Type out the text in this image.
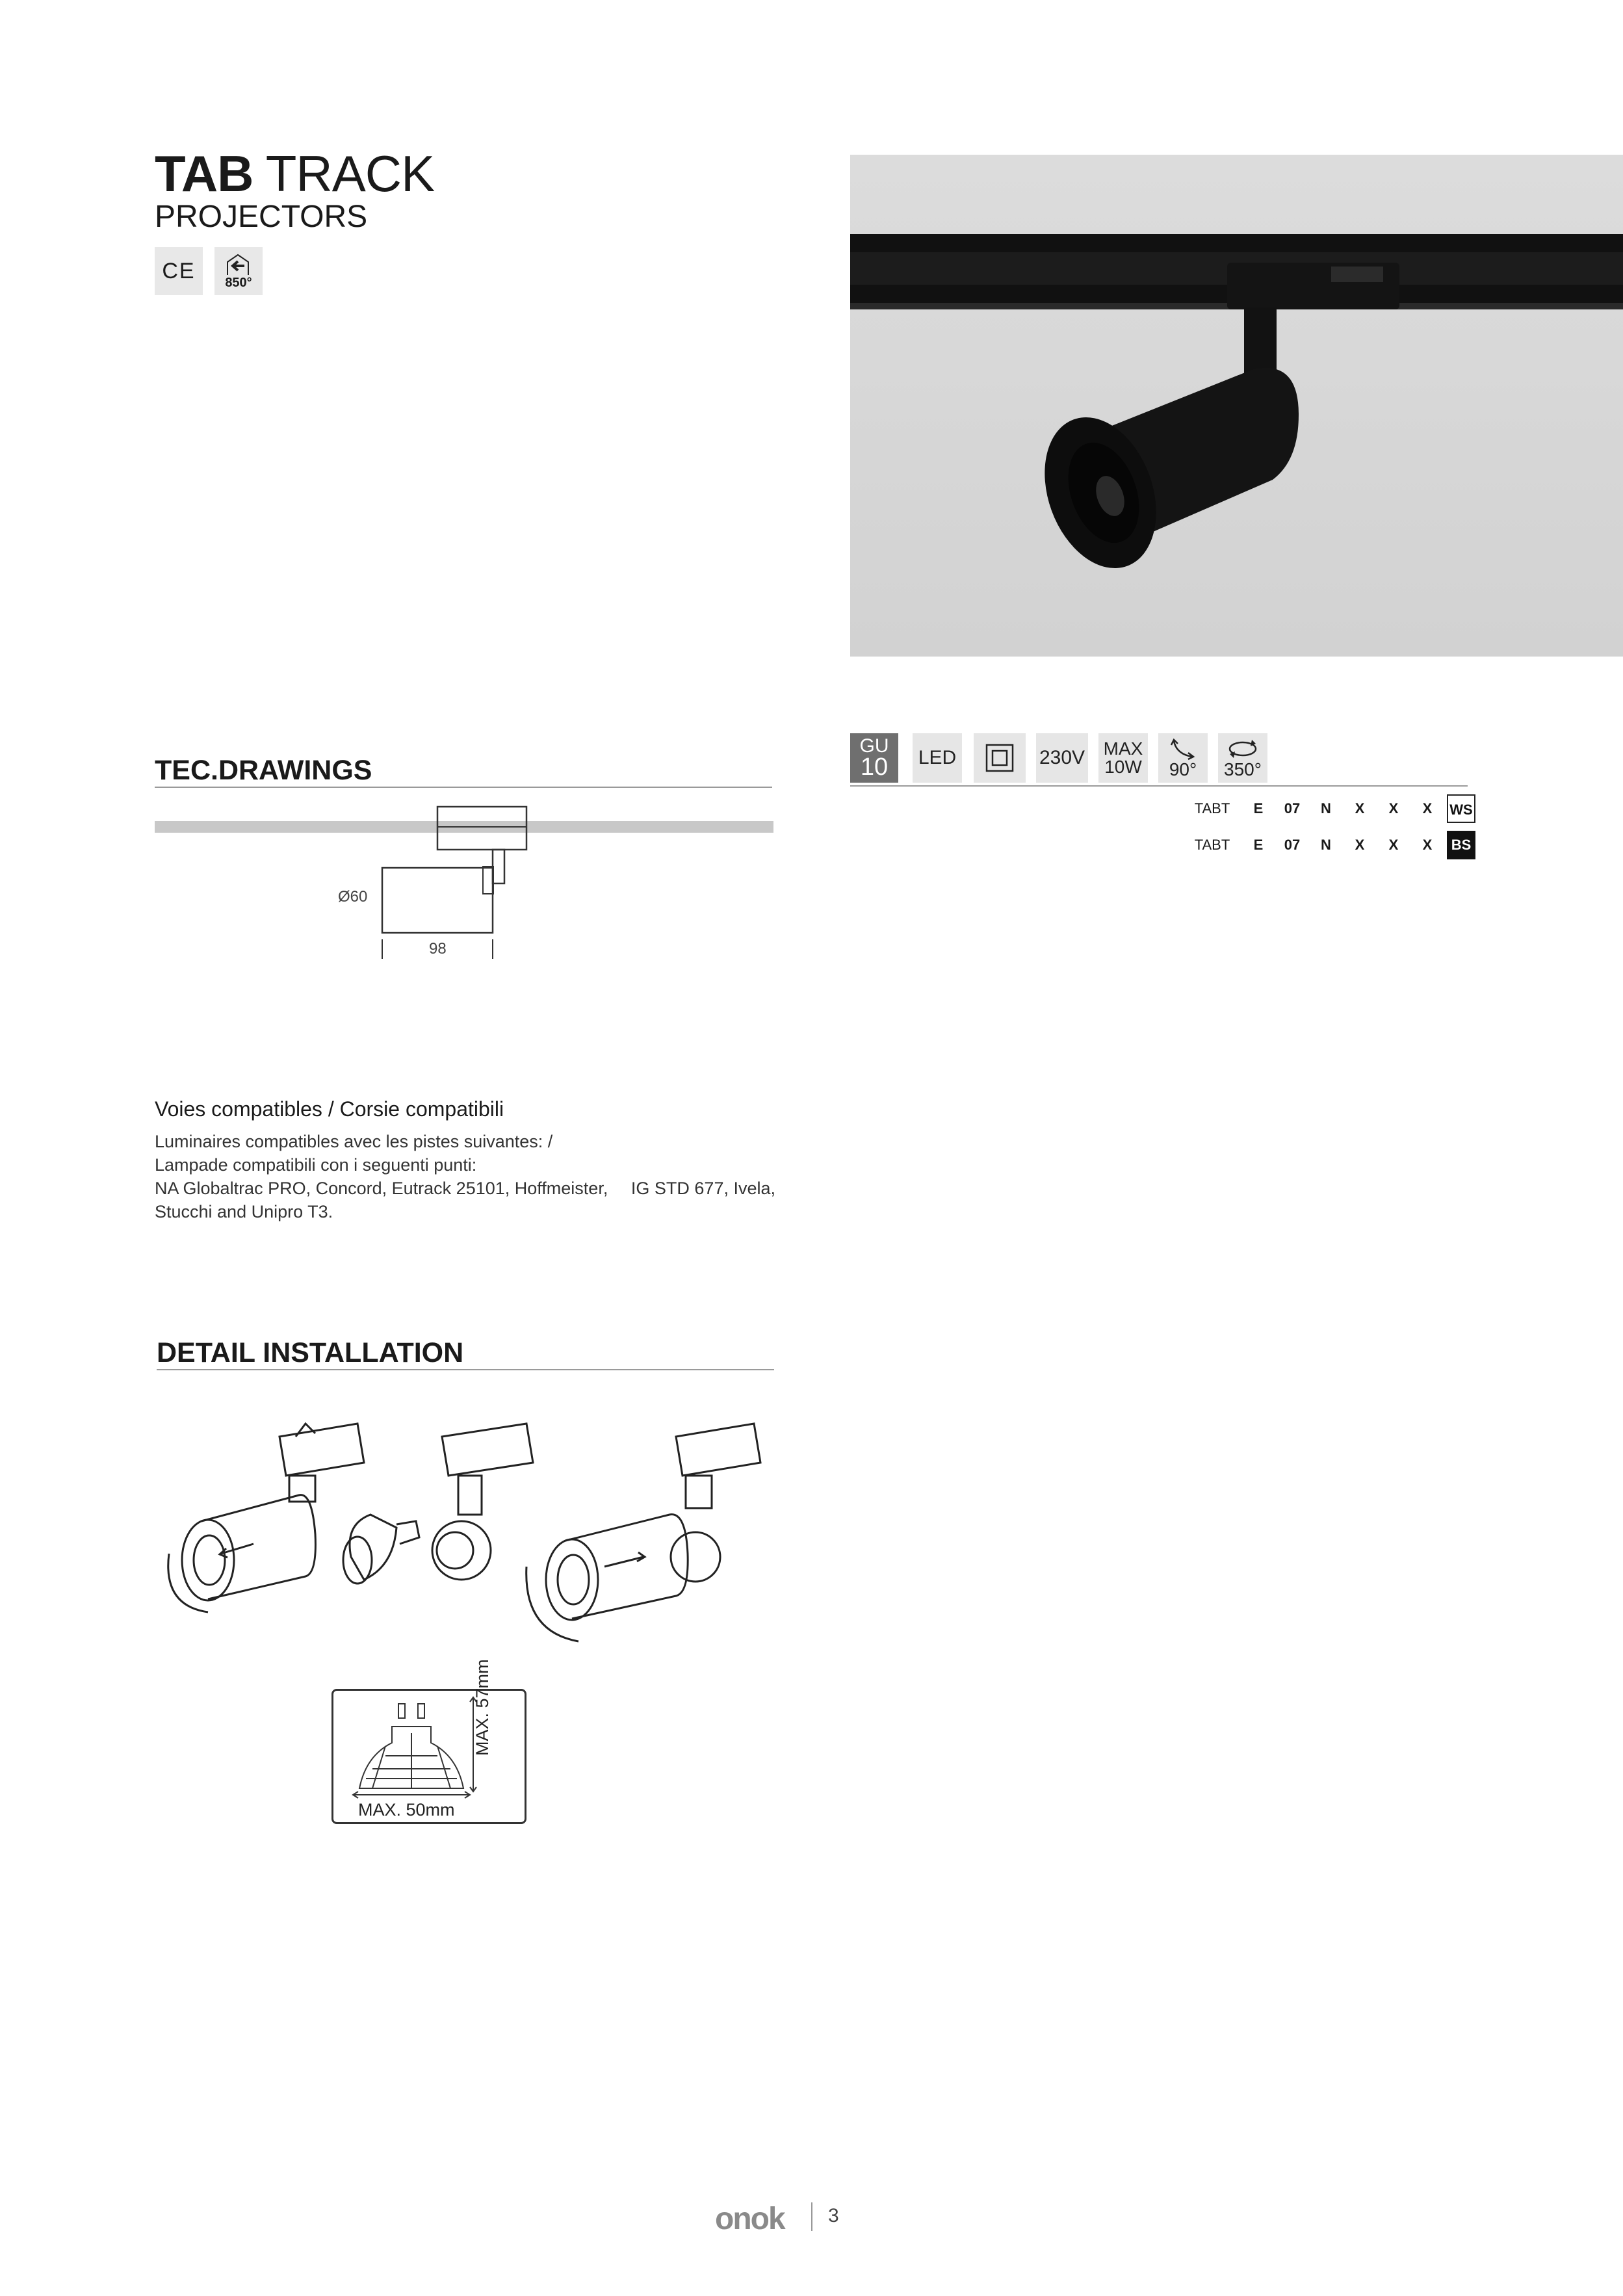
TAB TRACK
PROJECTORS
CE 850°
GU
10 LED	230V MAX
10W 90° 350°
TABT	E	07	N	X	X	X	WS
TABT	E	07	N	X	X	X	BS
TEC.DRAWINGS
Ø60
98
Voies compatibles / Corsie compatibili
Luminaires compatibles avec les pistes suivantes: /
Lampade compatibili con i seguenti punti:
NA Globaltrac PRO, Concord, Eutrack 25101, Hoffmeister, IG STD 677, Ivela,
Stucchi and Unipro T3.
DETAIL INSTALLATION
MAX. 57mm
MAX. 50mm
onok 3
